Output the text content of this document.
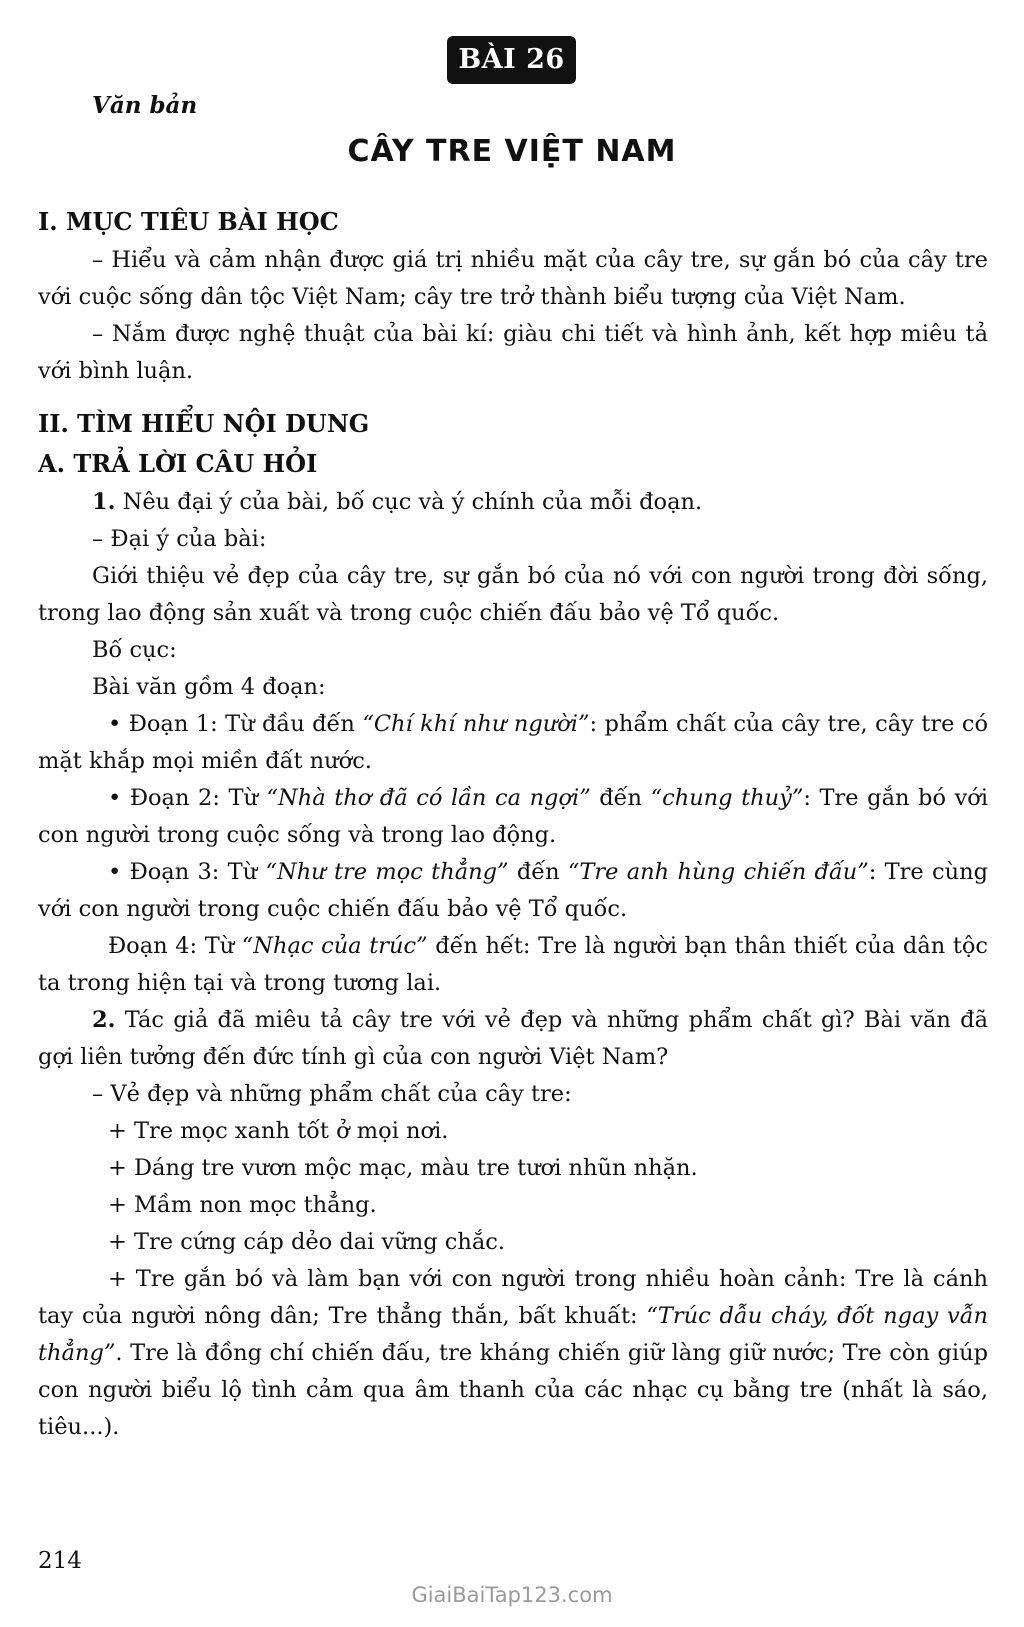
BÀI 26
Văn bản
CÂY TRE VIỆT NAM
I. MỤC TIÊU BÀI HỌC

– Hiểu và cảm nhận được giá trị nhiều mặt của cây tre, sự gắn bó của cây tre với cuộc sống dân tộc Việt Nam; cây tre trở thành biểu tượng của Việt Nam.

– Nắm được nghệ thuật của bài kí: giàu chi tiết và hình ảnh, kết hợp miêu tả với bình luận.

II. TÌM HIỂU NỘI DUNG
A. TRẢ LỜI CÂU HỎI

1. Nêu đại ý của bài, bố cục và ý chính của mỗi đoạn.

– Đại ý của bài:

Giới thiệu vẻ đẹp của cây tre, sự gắn bó của nó với con người trong đời sống, trong lao động sản xuất và trong cuộc chiến đấu bảo vệ Tổ quốc.

Bố cục:

Bài văn gồm 4 đoạn:

• Đoạn 1: Từ đầu đến “Chí khí như người”: phẩm chất của cây tre, cây tre có mặt khắp mọi miền đất nước.

• Đoạn 2: Từ “Nhà thơ đã có lần ca ngợi” đến “chung thuỷ”: Tre gắn bó với con người trong cuộc sống và trong lao động.

• Đoạn 3: Từ “Như tre mọc thẳng” đến “Tre anh hùng chiến đấu”: Tre cùng với con người trong cuộc chiến đấu bảo vệ Tổ quốc.

Đoạn 4: Từ “Nhạc của trúc” đến hết: Tre là người bạn thân thiết của dân tộc ta trong hiện tại và trong tương lai.

2. Tác giả đã miêu tả cây tre với vẻ đẹp và những phẩm chất gì? Bài văn đã gợi liên tưởng đến đức tính gì của con người Việt Nam?

– Vẻ đẹp và những phẩm chất của cây tre:

+ Tre mọc xanh tốt ở mọi nơi.

+ Dáng tre vươn mộc mạc, màu tre tươi nhũn nhặn.

+ Mầm non mọc thẳng.

+ Tre cứng cáp dẻo dai vững chắc.

+ Tre gắn bó và làm bạn với con người trong nhiều hoàn cảnh: Tre là cánh tay của người nông dân; Tre thẳng thắn, bất khuất: “Trúc dẫu cháy, đốt ngay vẫn thẳng”. Tre là đồng chí chiến đấu, tre kháng chiến giữ làng giữ nước; Tre còn giúp con người biểu lộ tình cảm qua âm thanh của các nhạc cụ bằng tre (nhất là sáo, tiêu...).

214
GiaiBaiTap123.com
